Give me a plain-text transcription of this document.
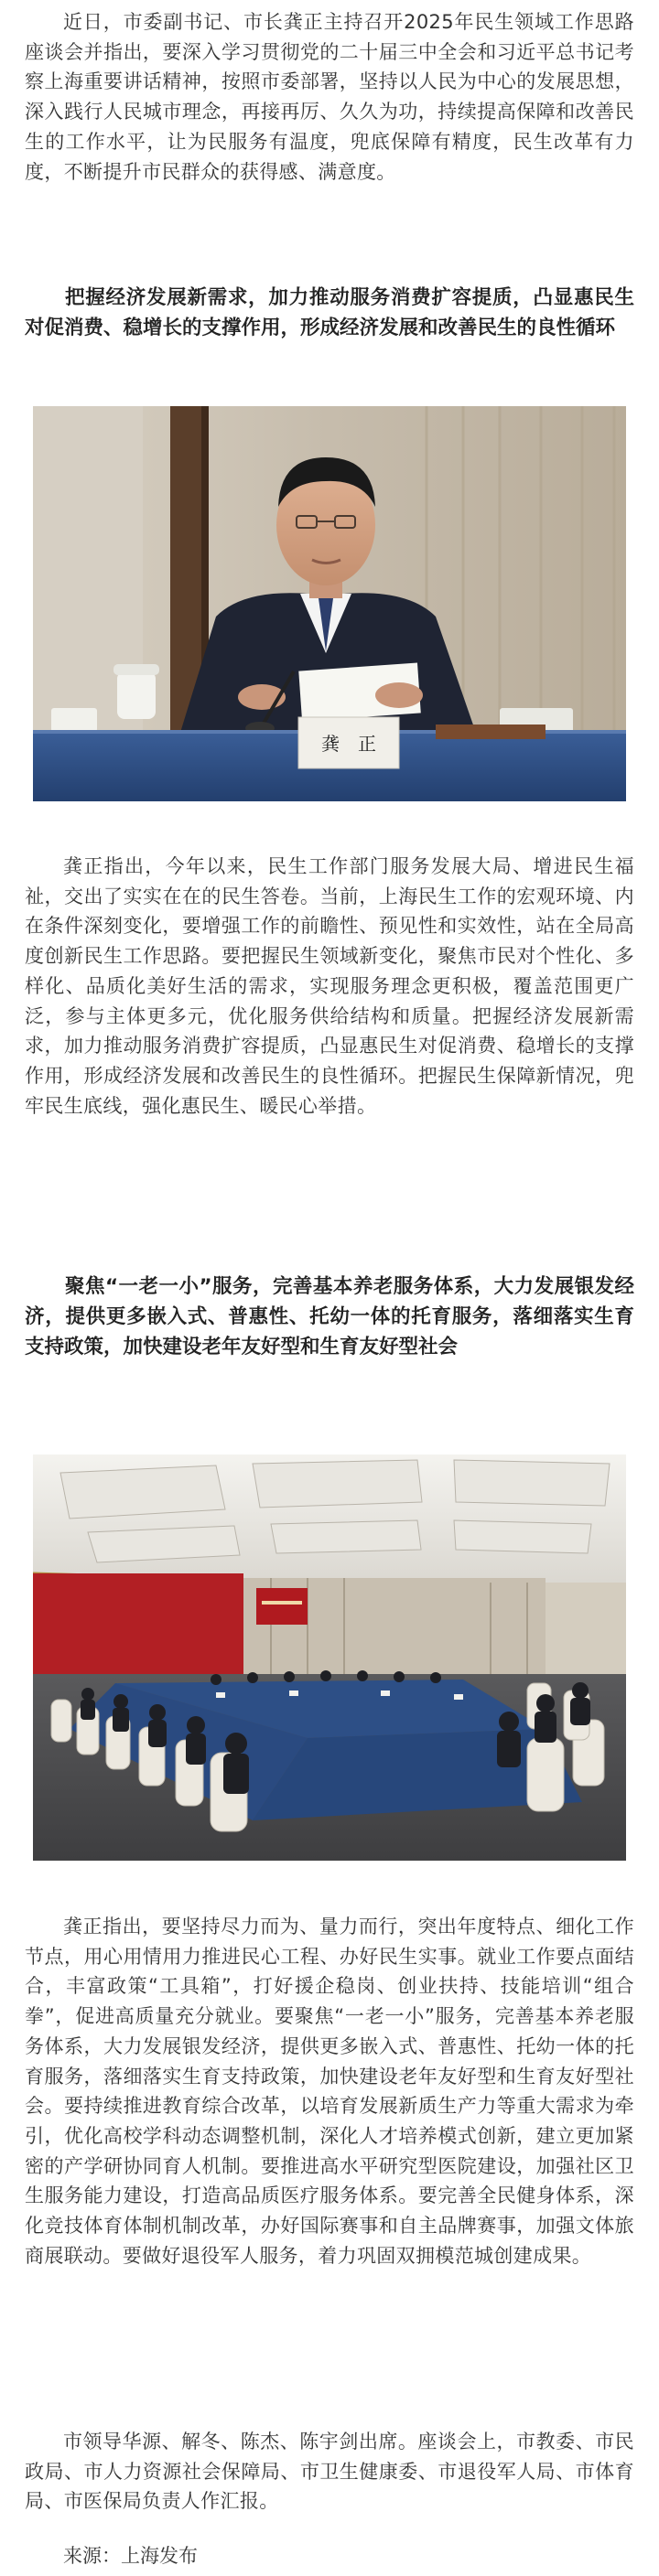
近日，市委副书记、市长龚正主持召开2025年民生领域工作思路座谈会并指出，要深入学习贯彻党的二十届三中全会和习近平总书记考察上海重要讲话精神，按照市委部署，坚持以人民为中心的发展思想，深入践行人民城市理念，再接再厉、久久为功，持续提高保障和改善民生的工作水平，让为民服务有温度，兜底保障有精度，民生改革有力度，不断提升市民群众的获得感、满意度。

把握经济发展新需求，加力推动服务消费扩容提质，凸显惠民生对促消费、稳增长的支撑作用，形成经济发展和改善民生的良性循环

龚　正

龚正指出，今年以来，民生工作部门服务发展大局、增进民生福祉，交出了实实在在的民生答卷。当前，上海民生工作的宏观环境、内在条件深刻变化，要增强工作的前瞻性、预见性和实效性，站在全局高度创新民生工作思路。要把握民生领域新变化，聚焦市民对个性化、多样化、品质化美好生活的需求，实现服务理念更积极，覆盖范围更广泛，参与主体更多元，优化服务供给结构和质量。把握经济发展新需求，加力推动服务消费扩容提质，凸显惠民生对促消费、稳增长的支撑作用，形成经济发展和改善民生的良性循环。把握民生保障新情况，兜牢民生底线，强化惠民生、暖民心举措。

聚焦“一老一小”服务，完善基本养老服务体系，大力发展银发经济，提供更多嵌入式、普惠性、托幼一体的托育服务，落细落实生育支持政策，加快建设老年友好型和生育友好型社会

龚正指出，要坚持尽力而为、量力而行，突出年度特点、细化工作节点，用心用情用力推进民心工程、办好民生实事。就业工作要点面结合，丰富政策“工具箱”，打好援企稳岗、创业扶持、技能培训“组合拳”，促进高质量充分就业。要聚焦“一老一小”服务，完善基本养老服务体系，大力发展银发经济，提供更多嵌入式、普惠性、托幼一体的托育服务，落细落实生育支持政策，加快建设老年友好型和生育友好型社会。要持续推进教育综合改革，以培育发展新质生产力等重大需求为牵引，优化高校学科动态调整机制，深化人才培养模式创新，建立更加紧密的产学研协同育人机制。要推进高水平研究型医院建设，加强社区卫生服务能力建设，打造高品质医疗服务体系。要完善全民健身体系，深化竞技体育体制机制改革，办好国际赛事和自主品牌赛事，加强文体旅商展联动。要做好退役军人服务，着力巩固双拥模范城创建成果。

市领导华源、解冬、陈杰、陈宇剑出席。座谈会上，市教委、市民政局、市人力资源社会保障局、市卫生健康委、市退役军人局、市体育局、市医保局负责人作汇报。

来源：上海发布
